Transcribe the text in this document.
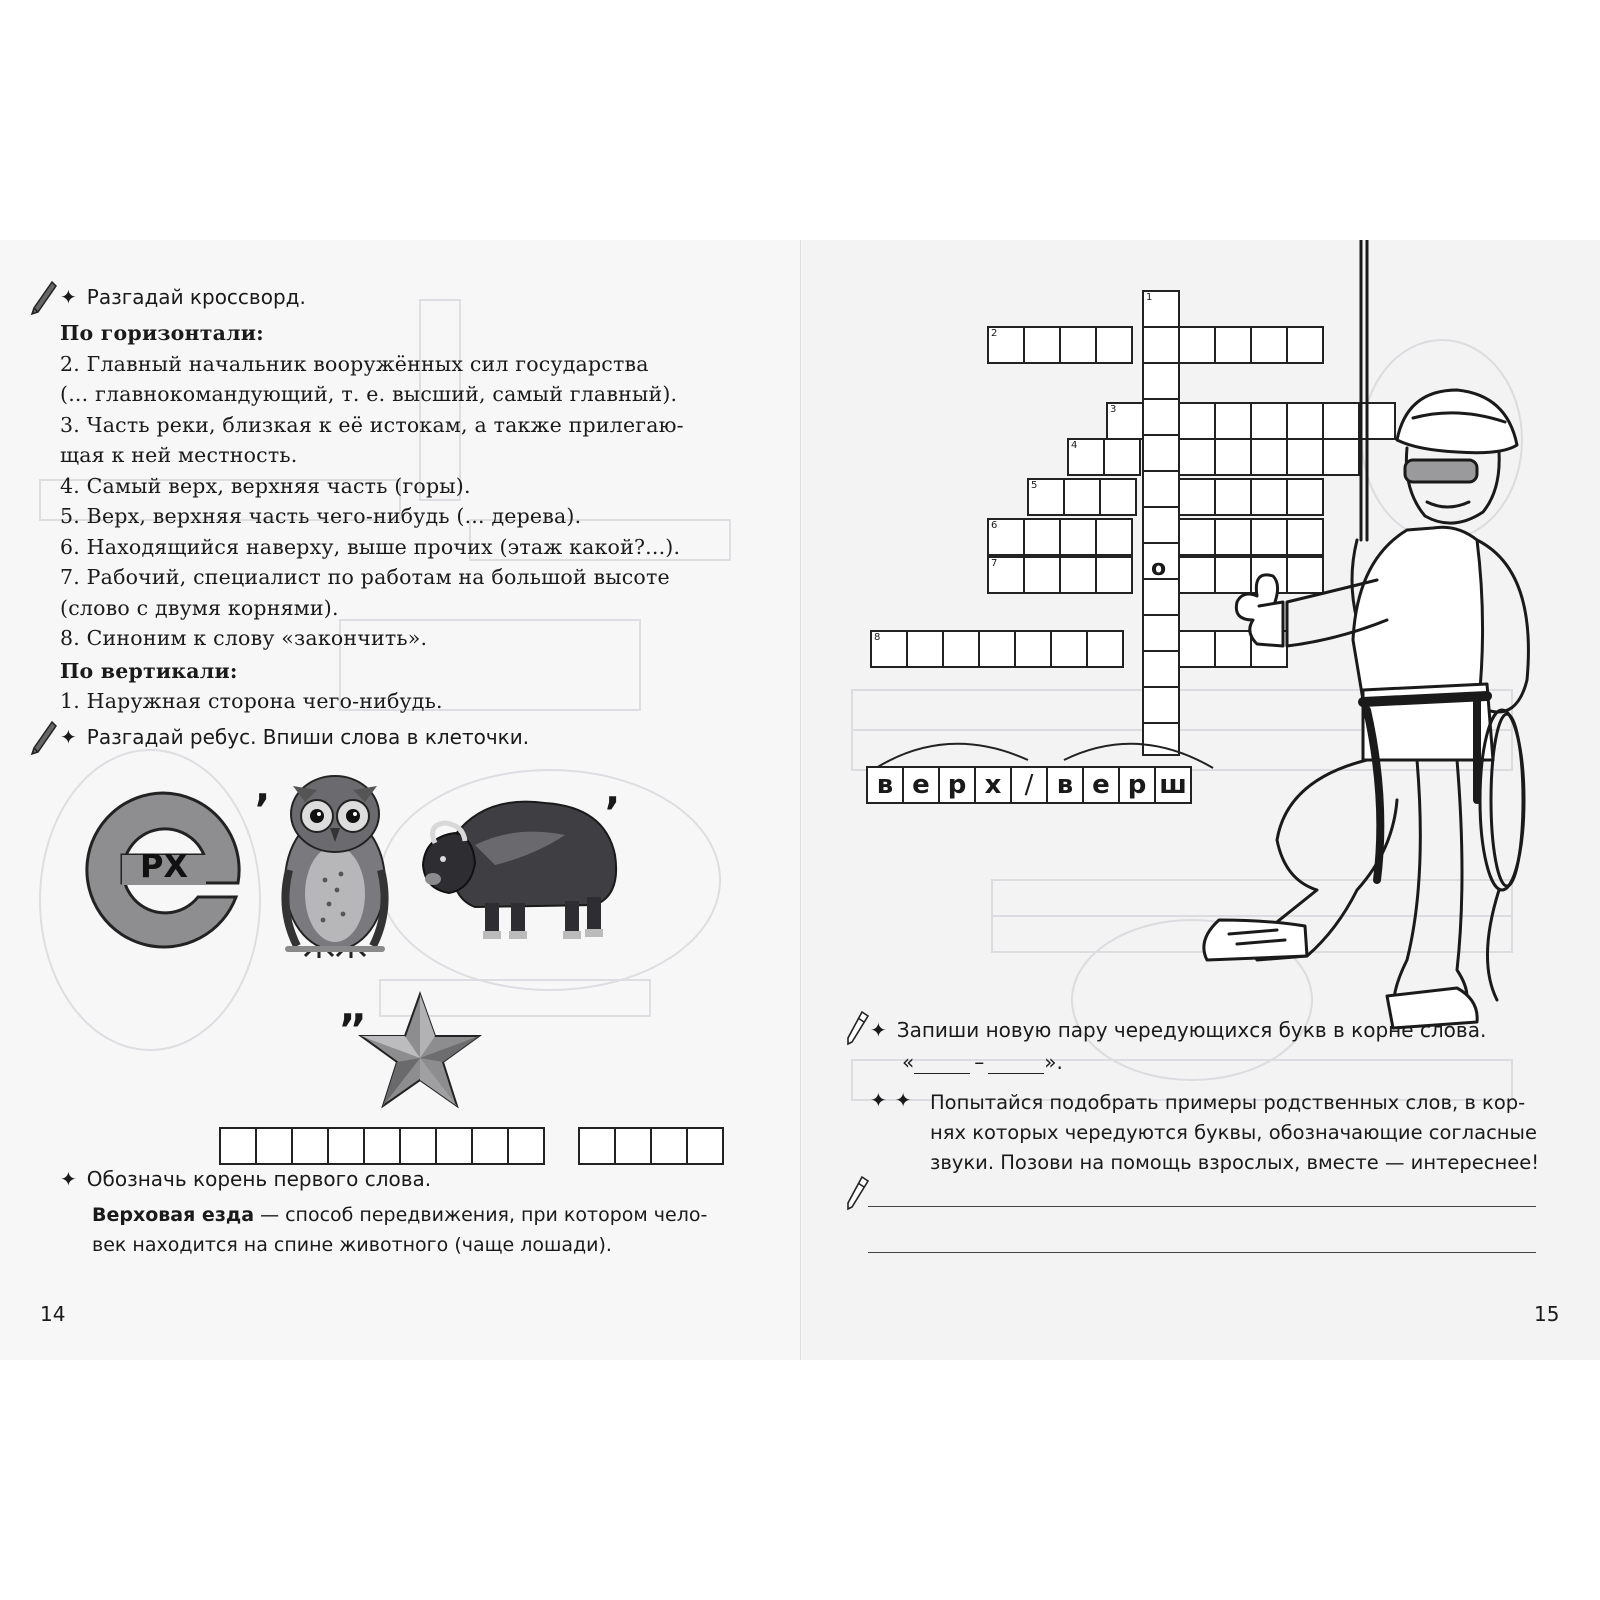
✦ Разгадай кроссворд.
По горизонтали:
2. Главный начальник вооружённых сил государства
(... главнокомандующий, т. е. высший, самый главный).
3. Часть реки, близкая к её истокам, а также прилегаю-
щая к ней местность.
4. Самый верх, верхняя часть (горы).
5. Верх, верхняя часть чего-нибудь (... дерева).
6. Находящийся наверху, выше прочих (этаж какой?...).
7. Рабочий, специалист по работам на большой высоте
(слово с двумя корнями).
8. Синоним к слову «закончить».
По вертикали:
1. Наружная сторона чего-нибудь.
✦ Разгадай ребус. Впиши слова в клеточки.
РХ
,	,
,,
✦ Обозначь корень первого слова.
Верховая езда — способ передвижения, при котором чело-
век находится на спине животного (чаще лошади).
14
1
2
3
4
5
6
7	о
8
в е р х / в е р ш
✦ Запиши новую пару чередующихся букв в корне слова.
«	–	».
✦ ✦ Попытайся подобрать примеры родственных слов, в кор-
нях которых чередуются буквы, обозначающие согласные
звуки. Позови на помощь взрослых, вместе — интереснее!
15
